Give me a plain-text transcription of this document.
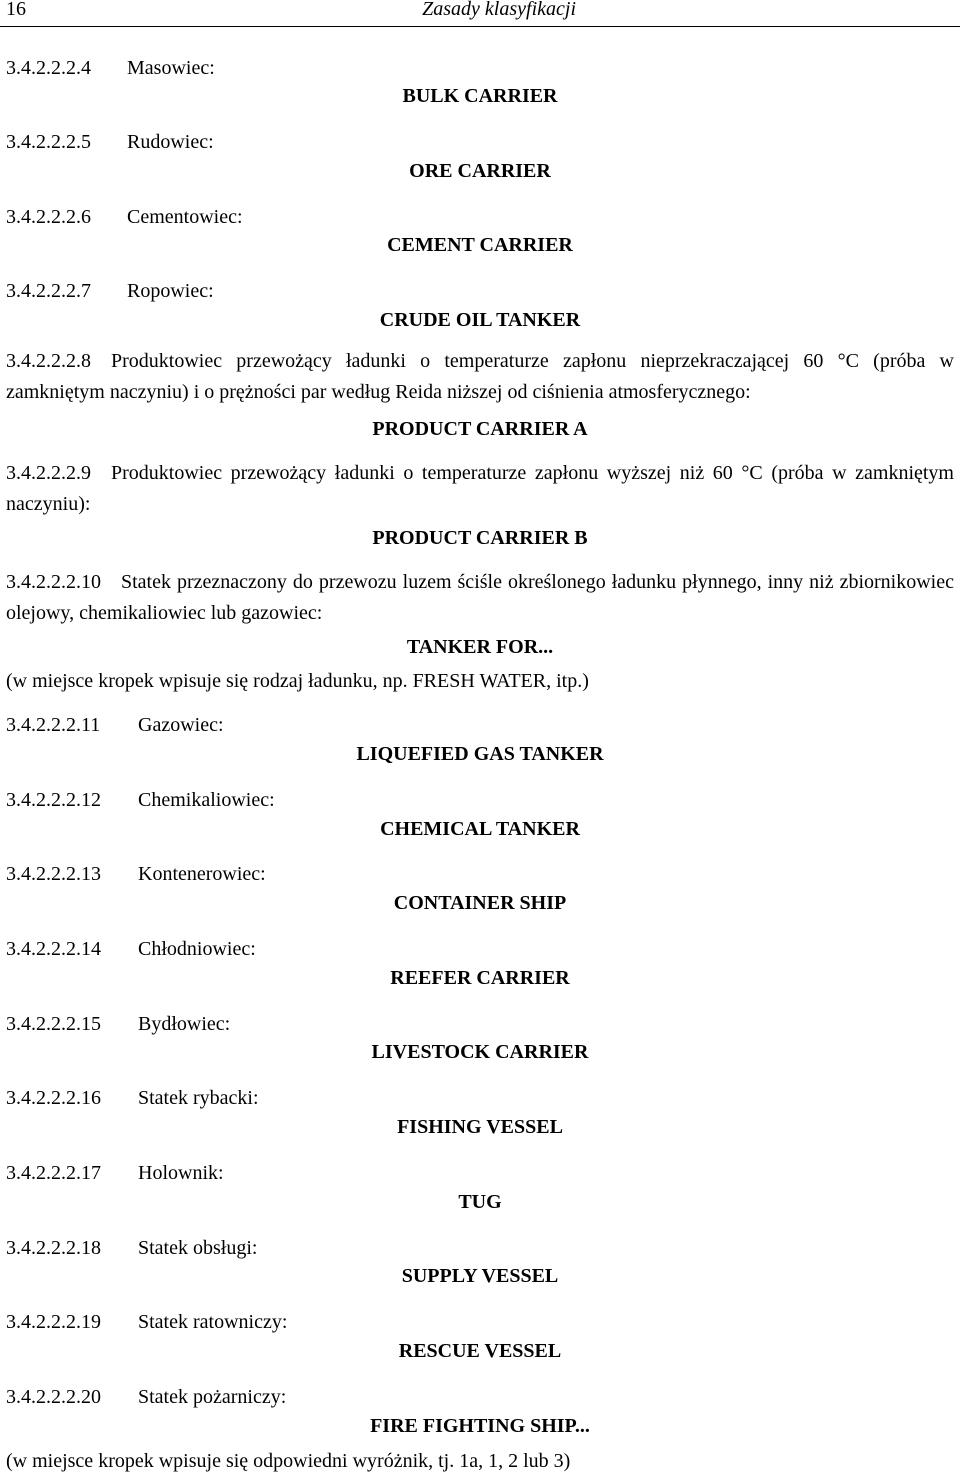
16	Zasady klasyfikacji
3.4.2.2.2.4 Masowiec:
BULK CARRIER
3.4.2.2.2.5 Rudowiec:
ORE CARRIER
3.4.2.2.2.6 Cementowiec:
CEMENT CARRIER
3.4.2.2.2.7 Ropowiec:
CRUDE OIL TANKER
3.4.2.2.2.8 Produktowiec przewożący ładunki o temperaturze zapłonu nieprzekraczającej 60 °C (próba w zamkniętym naczyniu) i o prężności par według Reida niższej od ciśnienia atmosferycznego:
PRODUCT CARRIER A
3.4.2.2.2.9 Produktowiec przewożący ładunki o temperaturze zapłonu wyższej niż 60 °C (próba w zamkniętym naczyniu):
PRODUCT CARRIER B
3.4.2.2.2.10 Statek przeznaczony do przewozu luzem ściśle określonego ładunku płynnego, inny niż zbiornikowiec olejowy, chemikaliowiec lub gazowiec:
TANKER FOR...
(w miejsce kropek wpisuje się rodzaj ładunku, np. FRESH WATER, itp.)
3.4.2.2.2.11 Gazowiec:
LIQUEFIED GAS TANKER
3.4.2.2.2.12 Chemikaliowiec:
CHEMICAL TANKER
3.4.2.2.2.13 Kontenerowiec:
CONTAINER SHIP
3.4.2.2.2.14 Chłodniowiec:
REEFER CARRIER
3.4.2.2.2.15 Bydłowiec:
LIVESTOCK CARRIER
3.4.2.2.2.16 Statek rybacki:
FISHING VESSEL
3.4.2.2.2.17 Holownik:
TUG
3.4.2.2.2.18 Statek obsługi:
SUPPLY VESSEL
3.4.2.2.2.19 Statek ratowniczy:
RESCUE VESSEL
3.4.2.2.2.20 Statek pożarniczy:
FIRE FIGHTING SHIP...
(w miejsce kropek wpisuje się odpowiedni wyróżnik, tj. 1a, 1, 2 lub 3)
